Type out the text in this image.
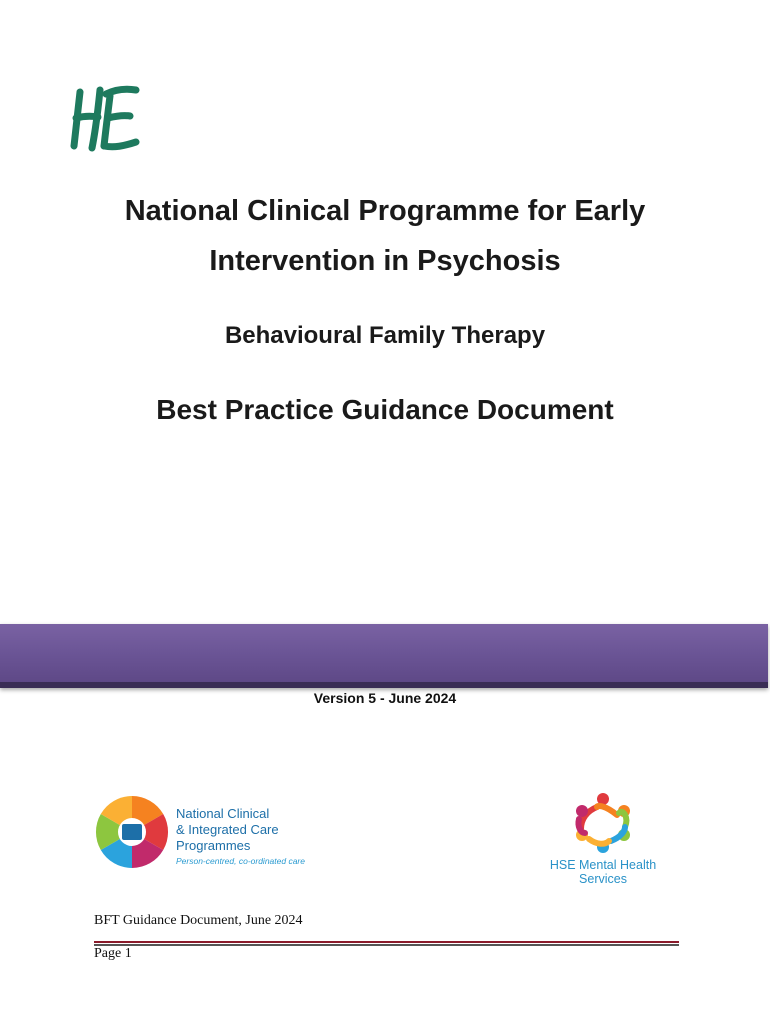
National Clinical Programme for Early
Intervention in Psychosis
Behavioural Family Therapy
Best Practice Guidance Document
Version 5 - June 2024
National Clinical
& Integrated Care Programmes
Person-centred, co-ordinated care	HSE Mental Health Services
BFT Guidance Document, June 2024
Page 1
